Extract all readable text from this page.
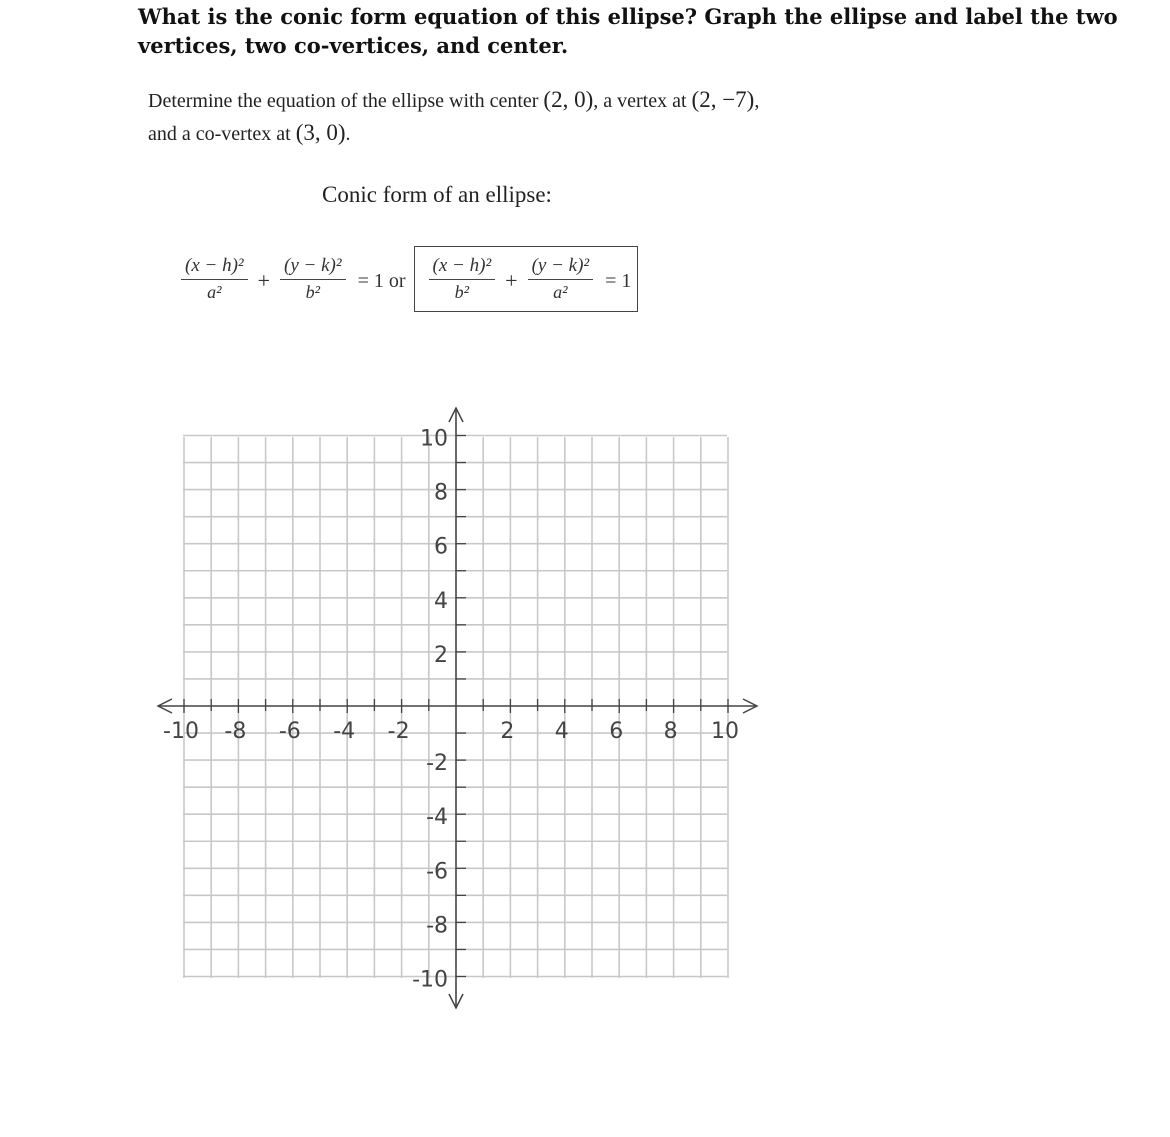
What is the conic form equation of this ellipse? Graph the ellipse and label the two vertices, two co-vertices, and center.
Determine the equation of the ellipse with center (2, 0), a vertex at (2, −7), and a co-vertex at (3, 0).
Conic form of an ellipse:
$\frac{\text{(x − h)²}}{\text{a²}} + \frac{\text{(y − k)²}}{\text{b²}} = 1$ or $\frac{\text{(x − h)²}}{\text{b²}} + \frac{\text{(y − k)²}}{\text{a²}} = 1$
-10 -8 -6 -4 -2	2 4 6 8 10
10
8
6
4
2
-2
-4
-6
-8
-10
